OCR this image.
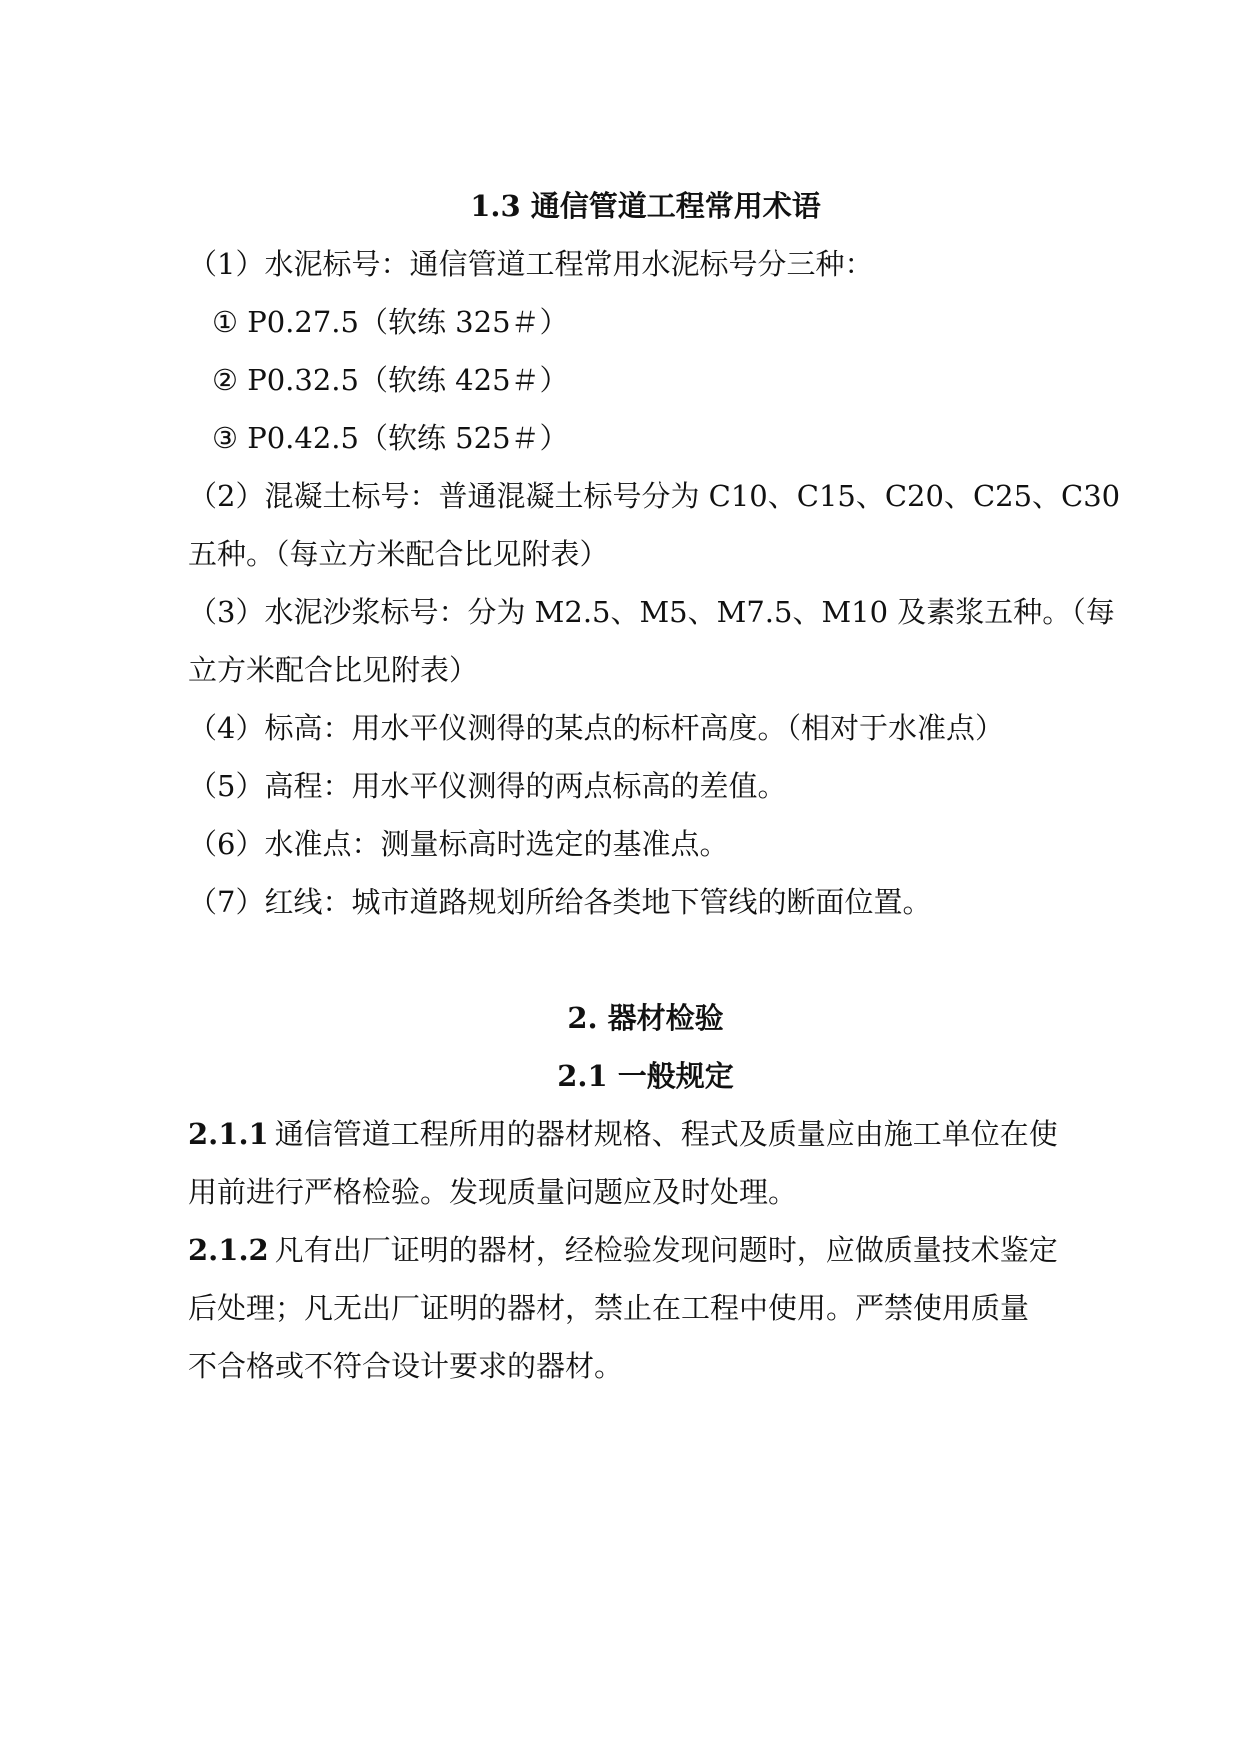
1.3 通信管道工程常用术语
（1）水泥标号：通信管道工程常用水泥标号分三种：
① P0.27.5（软练 325＃）
② P0.32.5（软练 425＃）
③ P0.42.5（软练 525＃）
（2）混凝土标号：普通混凝土标号分为 C10、C15、C20、C25、C30
五种。（每立方米配合比见附表）
（3）水泥沙浆标号：分为 M2.5、M5、M7.5、M10 及素浆五种。（每
立方米配合比见附表）
（4）标高：用水平仪测得的某点的标杆高度。（相对于水准点）
（5）高程：用水平仪测得的两点标高的差值。
（6）水准点：测量标高时选定的基准点。
（7）红线：城市道路规划所给各类地下管线的断面位置。
2. 器材检验
2.1 一般规定
2.1.1 通信管道工程所用的器材规格、程式及质量应由施工单位在使
用前进行严格检验。发现质量问题应及时处理。
2.1.2 凡有出厂证明的器材，经检验发现问题时，应做质量技术鉴定
后处理；凡无出厂证明的器材，禁止在工程中使用。严禁使用质量
不合格或不符合设计要求的器材。
